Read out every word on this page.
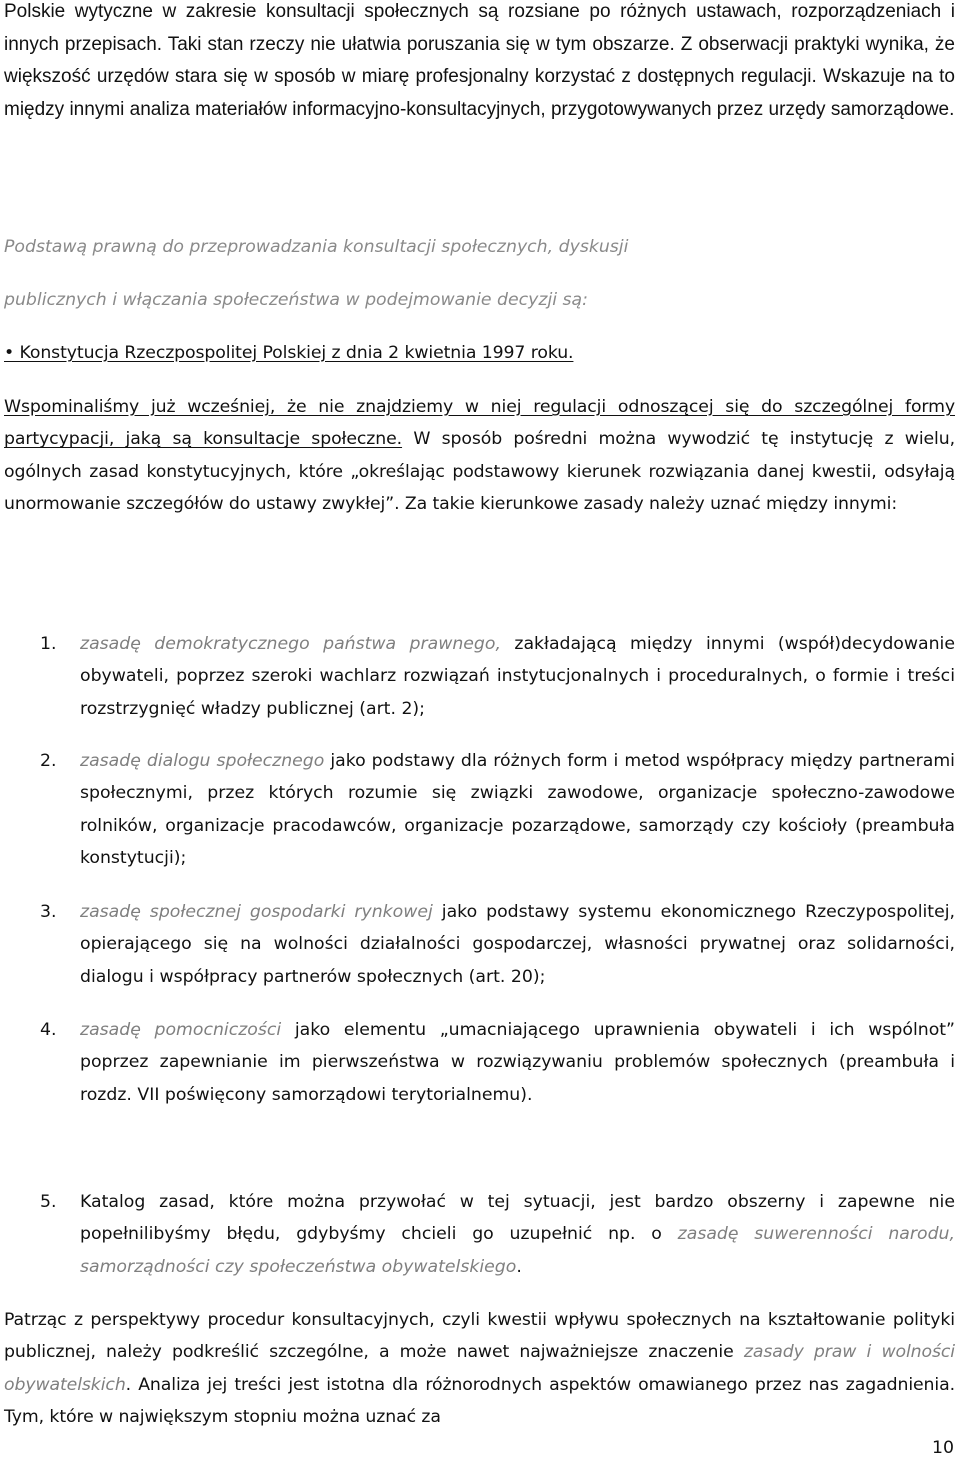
Polskie wytyczne w zakresie konsultacji społecznych są rozsiane po różnych ustawach, rozporządzeniach i innych przepisach. Taki stan rzeczy nie ułatwia poruszania się w tym obszarze. Z obserwacji praktyki wynika, że większość urzędów stara się w sposób w miarę profesjonalny korzystać z dostępnych regulacji. Wskazuje na to między innymi analiza materiałów informacyjno-konsultacyjnych, przygotowywanych przez urzędy samorządowe.
Podstawą prawną do przeprowadzania konsultacji społecznych, dyskusji
publicznych i włączania społeczeństwa w podejmowanie decyzji są:
• Konstytucja Rzeczpospolitej Polskiej z dnia 2 kwietnia 1997 roku.
Wspominaliśmy już wcześniej, że nie znajdziemy w niej regulacji odnoszącej się do szczególnej formy partycypacji, jaką są konsultacje społeczne. W sposób pośredni można wywodzić tę instytucję z wielu, ogólnych zasad konstytucyjnych, które „określając podstawowy kierunek rozwiązania danej kwestii, odsyłają unormowanie szczegółów do ustawy zwykłej”. Za takie kierunkowe zasady należy uznać między innymi:
1.	zasadę demokratycznego państwa prawnego, zakładającą między innymi (współ)decydowanie obywateli, poprzez szeroki wachlarz rozwiązań instytucjonalnych i proceduralnych, o formie i treści rozstrzygnięć władzy publicznej (art. 2);
2.	zasadę dialogu społecznego jako podstawy dla różnych form i metod współpracy między partnerami społecznymi, przez których rozumie się związki zawodowe, organizacje społeczno-zawodowe rolników, organizacje pracodawców, organizacje pozarządowe, samorządy czy kościoły (preambuła konstytucji);
3.	zasadę społecznej gospodarki rynkowej jako podstawy systemu ekonomicznego Rzeczypospolitej, opierającego się na wolności działalności gospodarczej, własności prywatnej oraz solidarności, dialogu i współpracy partnerów społecznych (art. 20);
4.	zasadę pomocniczości jako elementu „umacniającego uprawnienia obywateli i ich wspólnot” poprzez zapewnianie im pierwszeństwa w rozwiązywaniu problemów społecznych (preambuła i rozdz. VII poświęcony samorządowi terytorialnemu).
5.	Katalog zasad, które można przywołać w tej sytuacji, jest bardzo obszerny i zapewne nie popełnilibyśmy błędu, gdybyśmy chcieli go uzupełnić np. o zasadę suwerenności narodu, samorządności czy społeczeństwa obywatelskiego.
Patrząc z perspektywy procedur konsultacyjnych, czyli kwestii wpływu społecznych na kształtowanie polityki publicznej, należy podkreślić szczególne, a może nawet najważniejsze znaczenie zasady praw i wolności obywatelskich. Analiza jej treści jest istotna dla różnorodnych aspektów omawianego przez nas zagadnienia. Tym, które w największym stopniu można uznać za
10
